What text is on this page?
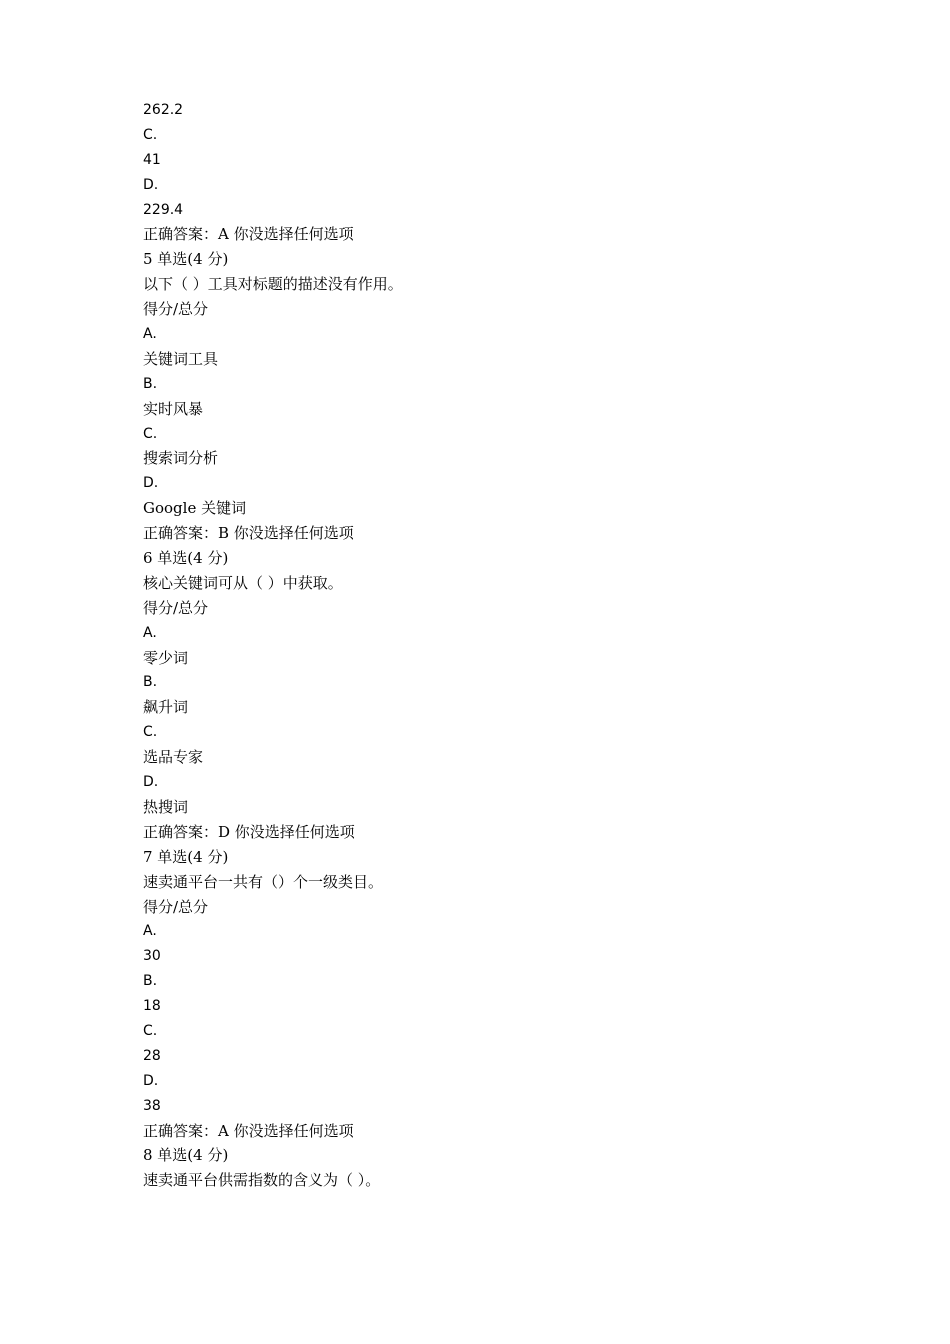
262.2
C.
41
D.
229.4
正确答案：A 你没选择任何选项
5 单选(4 分)
以下（ ）工具对标题的描述没有作用。
得分/总分
A.
关键词工具
B.
实时风暴
C.
搜索词分析
D.
Google 关键词
正确答案：B 你没选择任何选项
6 单选(4 分)
核心关键词可从（ ）中获取。
得分/总分
A.
零少词
B.
飙升词
C.
选品专家
D.
热搜词
正确答案：D 你没选择任何选项
7 单选(4 分)
速卖通平台一共有（）个一级类目。
得分/总分
A.
30
B.
18
C.
28
D.
38
正确答案：A 你没选择任何选项
8 单选(4 分)
速卖通平台供需指数的含义为（ ）。
